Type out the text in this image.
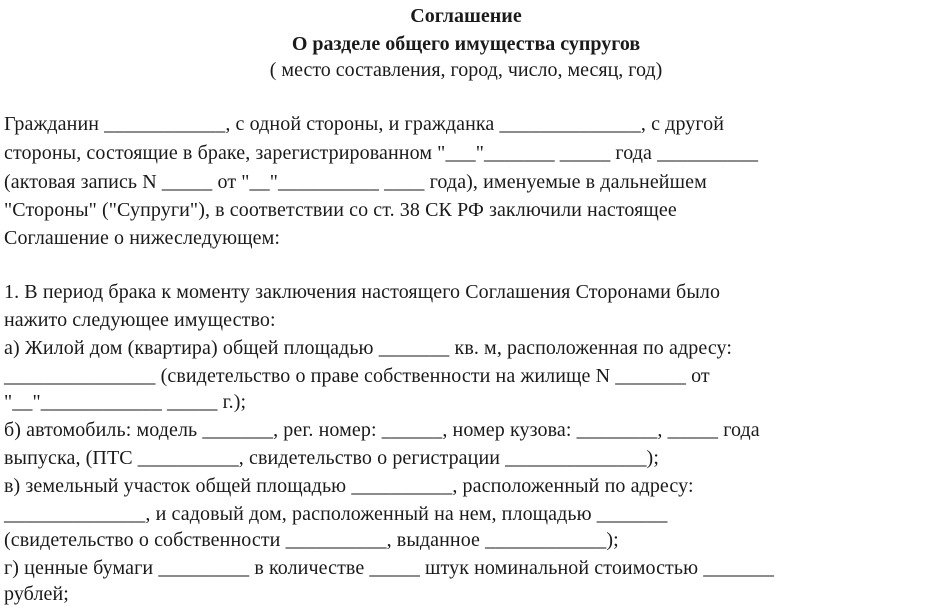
Соглашение
О разделе общего имущества супругов
( место составления, город, число, месяц, год)
Гражданин ____________, с одной стороны, и гражданка ______________, с другой
стороны, состоящие в браке, зарегистрированном "___"_______ _____ года __________
(актовая запись N _____ от "__"__________ ____ года), именуемые в дальнейшем
"Стороны" ("Супруги"), в соответствии со ст. 38 СК РФ заключили настоящее
Соглашение о нижеследующем:
1. В период брака к моменту заключения настоящего Соглашения Сторонами было
нажито следующее имущество:
а) Жилой дом (квартира) общей площадью _______ кв. м, расположенная по адресу:
_______________ (свидетельство о праве собственности на жилище N _______ от
"__"____________ _____ г.);
б) автомобиль: модель _______, рег. номер: ______, номер кузова: ________, _____ года
выпуска, (ПТС __________, свидетельство о регистрации ______________);
в) земельный участок общей площадью __________, расположенный по адресу:
______________, и садовый дом, расположенный на нем, площадью _______
(свидетельство о собственности __________, выданное ____________);
г) ценные бумаги _________ в количестве _____ штук номинальной стоимостью _______
рублей;
